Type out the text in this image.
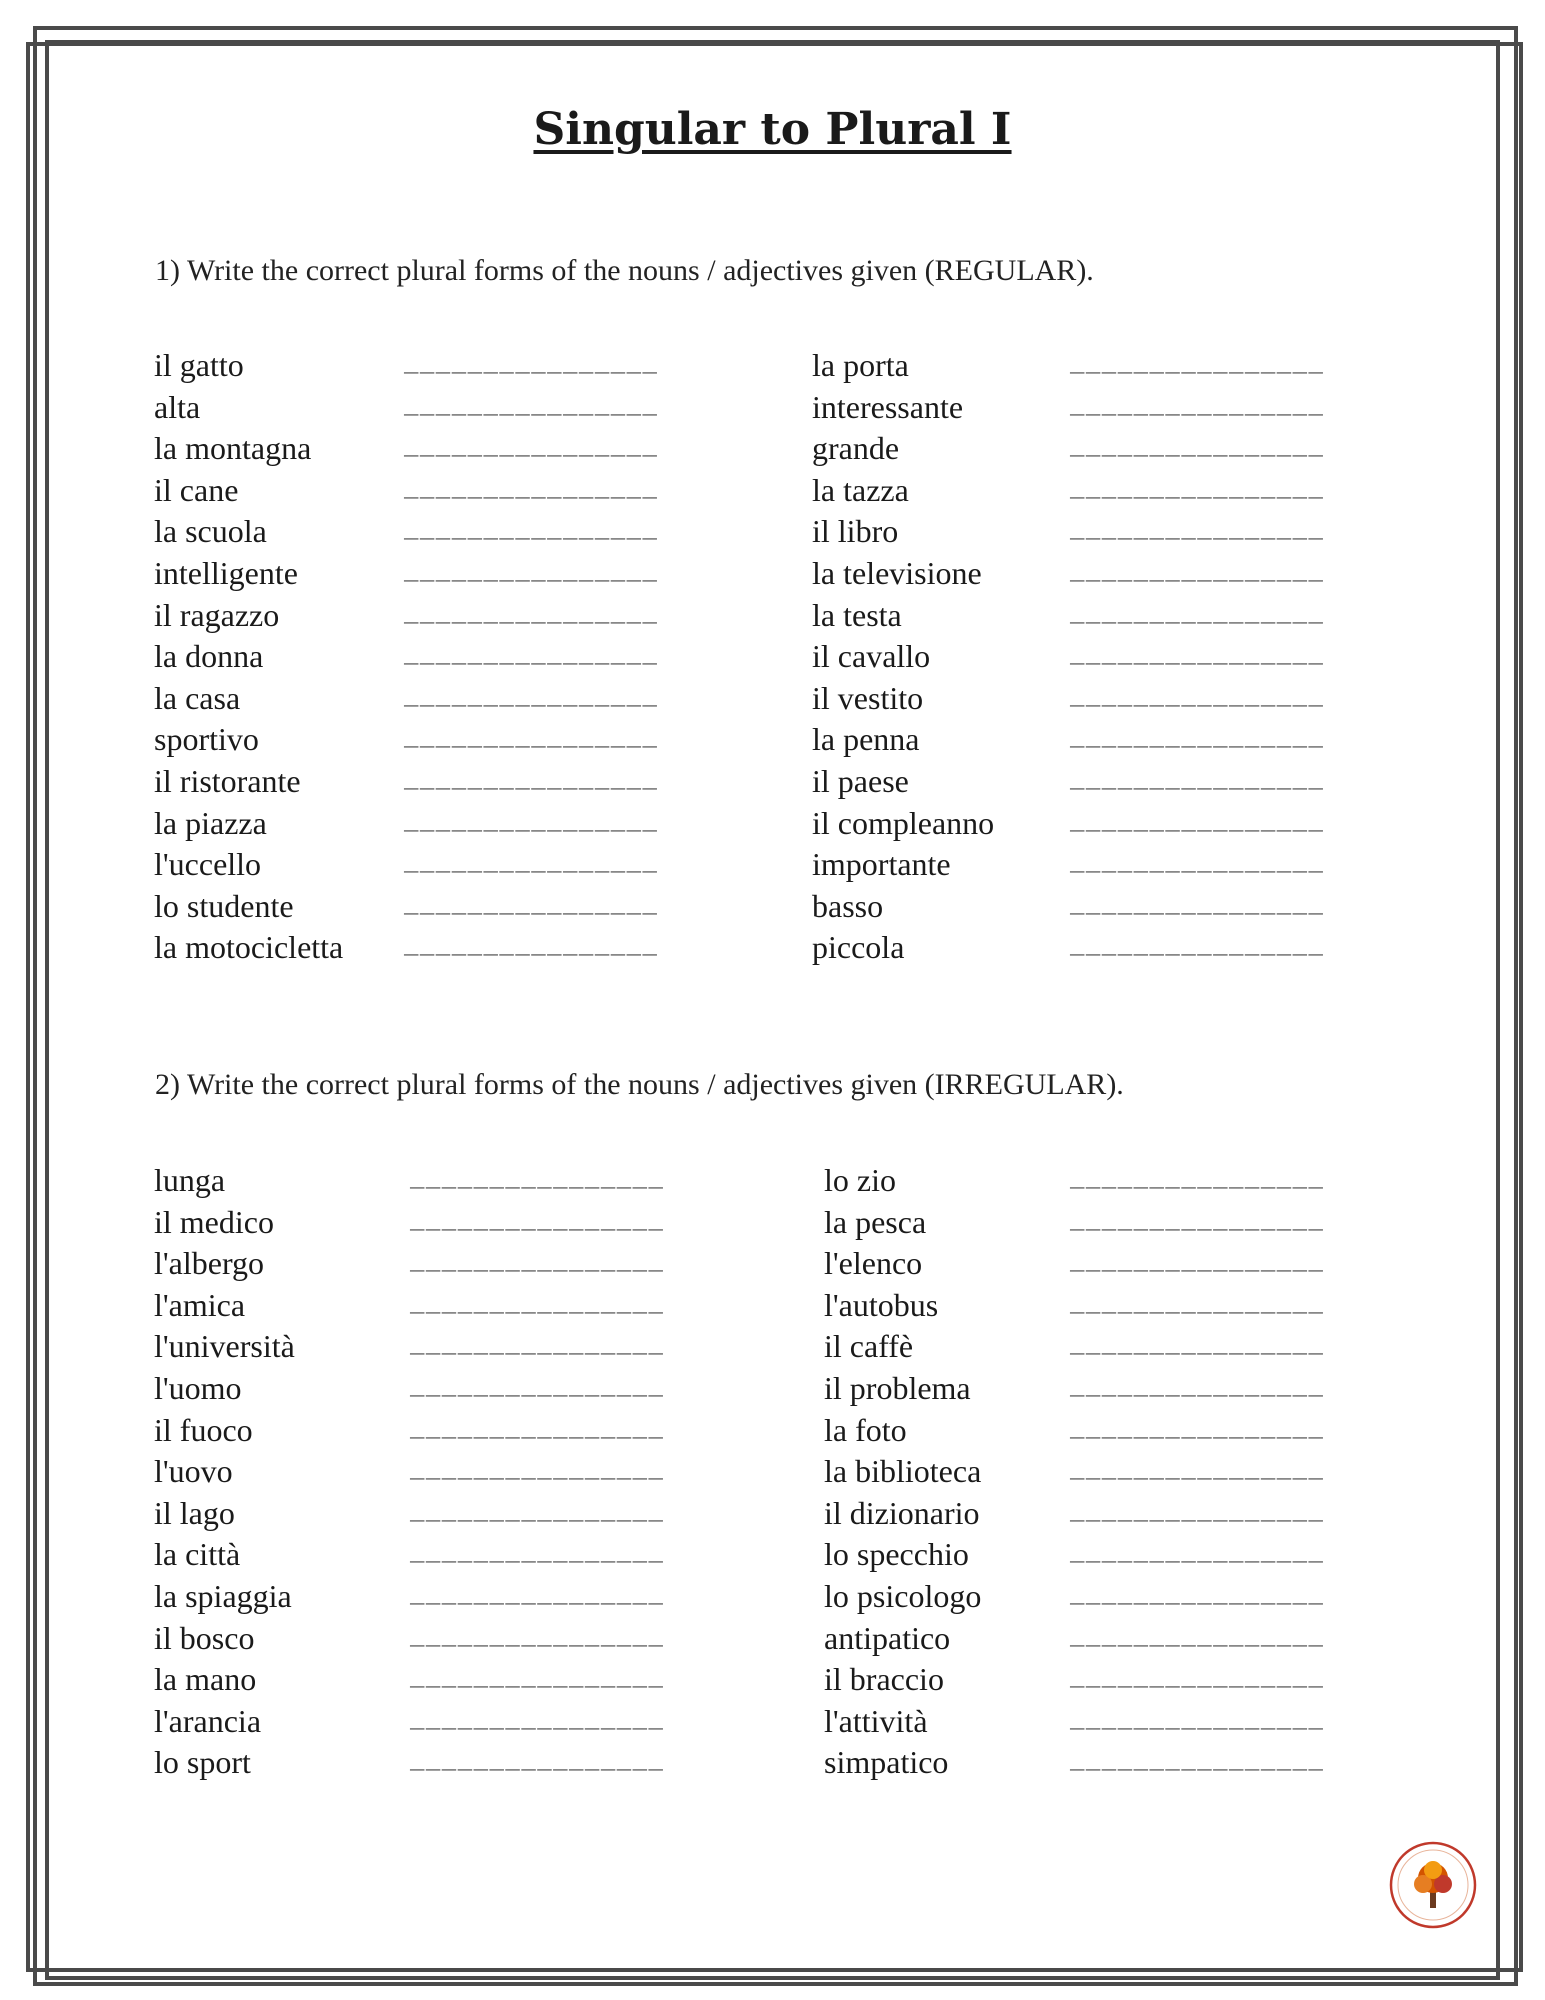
Singular to Plural I

1) Write the correct plural forms of the nouns / adjectives given (REGULAR).

il gatto	________________
alta	________________
la montagna	________________
il cane	________________
la scuola	________________
intelligente	________________
il ragazzo	________________
la donna	________________
la casa	________________
sportivo	________________
il ristorante	________________
la piazza	________________
l'uccello	________________
lo studente	________________
la motocicletta	________________
la porta	________________
interessante	________________
grande	________________
la tazza	________________
il libro	________________
la televisione	________________
la testa	________________
il cavallo	________________
il vestito	________________
la penna	________________
il paese	________________
il compleanno	________________
importante	________________
basso	________________
piccola	________________

2) Write the correct plural forms of the nouns / adjectives given (IRREGULAR).

lunga	________________
il medico	________________
l'albergo	________________
l'amica	________________
l'università	________________
l'uomo	________________
il fuoco	________________
l'uovo	________________
il lago	________________
la città	________________
la spiaggia	________________
il bosco	________________
la mano	________________
l'arancia	________________
lo sport	________________
lo zio	________________
la pesca	________________
l'elenco	________________
l'autobus	________________
il caffè	________________
il problema	________________
la foto	________________
la biblioteca	________________
il dizionario	________________
lo specchio	________________
lo psicologo	________________
antipatico	________________
il braccio	________________
l'attività	________________
simpatico	________________
